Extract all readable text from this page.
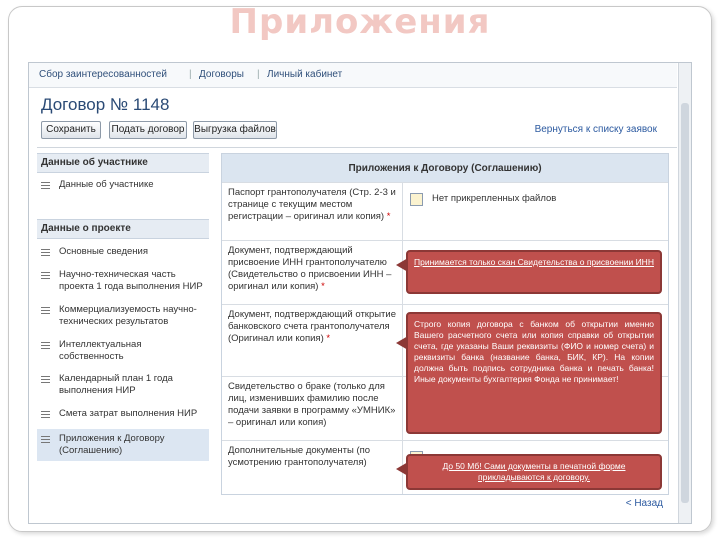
Приложения
Сбор заинтересованностей | Договоры | Личный кабинет
Договор № 1148
Сохранить	Подать договор Выгрузка файлов	Вернуться к списку заявок
Данные об участнике
Данные об участнике
Данные о проекте
Основные сведения
Научно-техническая часть проекта 1 года выполнения НИР
Коммерциализуемость научно-технических результатов
Интеллектуальная собственность
Календарный план 1 года выполнения НИР
Смета затрат выполнения НИР
Приложения к Договору (Соглашению)
Приложения к Договору (Соглашению)
Паспорт грантополучателя (Стр. 2-3 и странице с текущим местом регистрации – оригинал или копия) *
Нет прикрепленных файлов
Документ, подтверждающий присвоение ИНН грантополучателю (Свидетельство о присвоении ИНН – оригинал или копия) *
Документ, подтверждающий открытие банковского счета грантополучателя (Оригинал или копия) *
Свидетельство о браке (только для лиц, изменивших фамилию после подачи заявки в программу «УМНИК» – оригинал или копия)
Дополнительные документы (по усмотрению грантополучателя)
< Назад
Принимается только скан Свидетельства о присвоении ИНН
Строго копия договора с банком об открытии именно Вашего расчетного счета или копия справки об открытии счета, где указаны Ваши реквизиты (ФИО и номер счета) и реквизиты банка (название банка, БИК, КР). На копии должна быть подпись сотрудника банка и печать банка! Иные документы бухгалтерия Фонда не принимает!
До 50 Мб! Сами документы в печатной форме прикладываются к договору.
